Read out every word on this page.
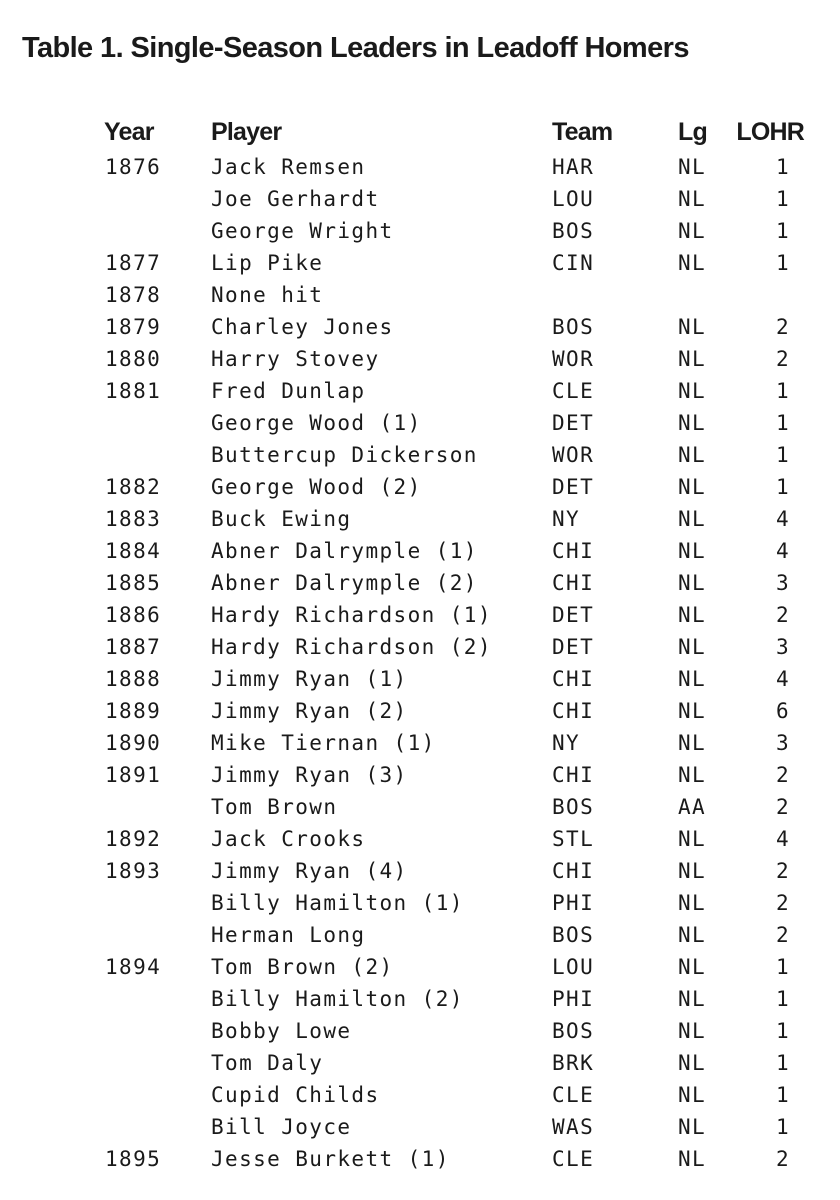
Table 1. Single-Season Leaders in Leadoff Homers
Year Player	Team	Lg LOHR
1876 Jack Remsen	HAR	NL	1
Joe Gerhardt	LOU	NL	1
George Wright	BOS	NL	1
1877 Lip Pike	CIN	NL	1
1878 None hit
1879 Charley Jones	BOS	NL	2
1880 Harry Stovey	WOR	NL	2
1881 Fred Dunlap	CLE	NL	1
George Wood (1)	DET	NL	1
Buttercup Dickerson	WOR	NL	1
1882 George Wood (2)	DET	NL	1
1883 Buck Ewing	NY	NL	4
1884 Abner Dalrymple (1)	CHI	NL	4
1885 Abner Dalrymple (2)	CHI	NL	3
1886 Hardy Richardson (1)	DET	NL	2
1887 Hardy Richardson (2)	DET	NL	3
1888 Jimmy Ryan (1)	CHI	NL	4
1889 Jimmy Ryan (2)	CHI	NL	6
1890 Mike Tiernan (1)	NY	NL	3
1891 Jimmy Ryan (3)	CHI	NL	2
Tom Brown	BOS	AA	2
1892 Jack Crooks	STL	NL	4
1893 Jimmy Ryan (4)	CHI	NL	2
Billy Hamilton (1)	PHI	NL	2
Herman Long	BOS	NL	2
1894 Tom Brown (2)	LOU	NL	1
Billy Hamilton (2)	PHI	NL	1
Bobby Lowe	BOS	NL	1
Tom Daly	BRK	NL	1
Cupid Childs	CLE	NL	1
Bill Joyce	WAS	NL	1
1895 Jesse Burkett (1)	CLE	NL	2
